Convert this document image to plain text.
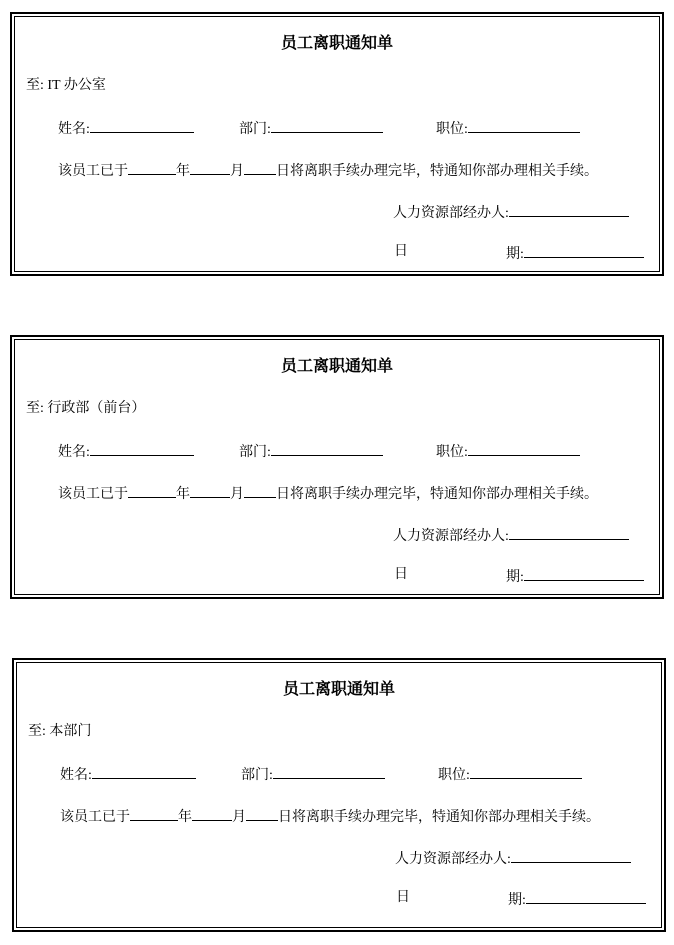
员工离职通知单
至: IT 办公室
姓名:	部门:	职位:
该员工已于	年	月 日将离职手续办理完毕，特通知你部办理相关手续。
人力资源部经办人:
日	期:
员工离职通知单
至: 行政部（前台）
姓名:	部门:	职位:
该员工已于	年	月 日将离职手续办理完毕，特通知你部办理相关手续。
人力资源部经办人:
日	期:
员工离职通知单
至: 本部门
姓名:	部门:	职位:
该员工已于	年	月 日将离职手续办理完毕，特通知你部办理相关手续。
人力资源部经办人:
日	期:
